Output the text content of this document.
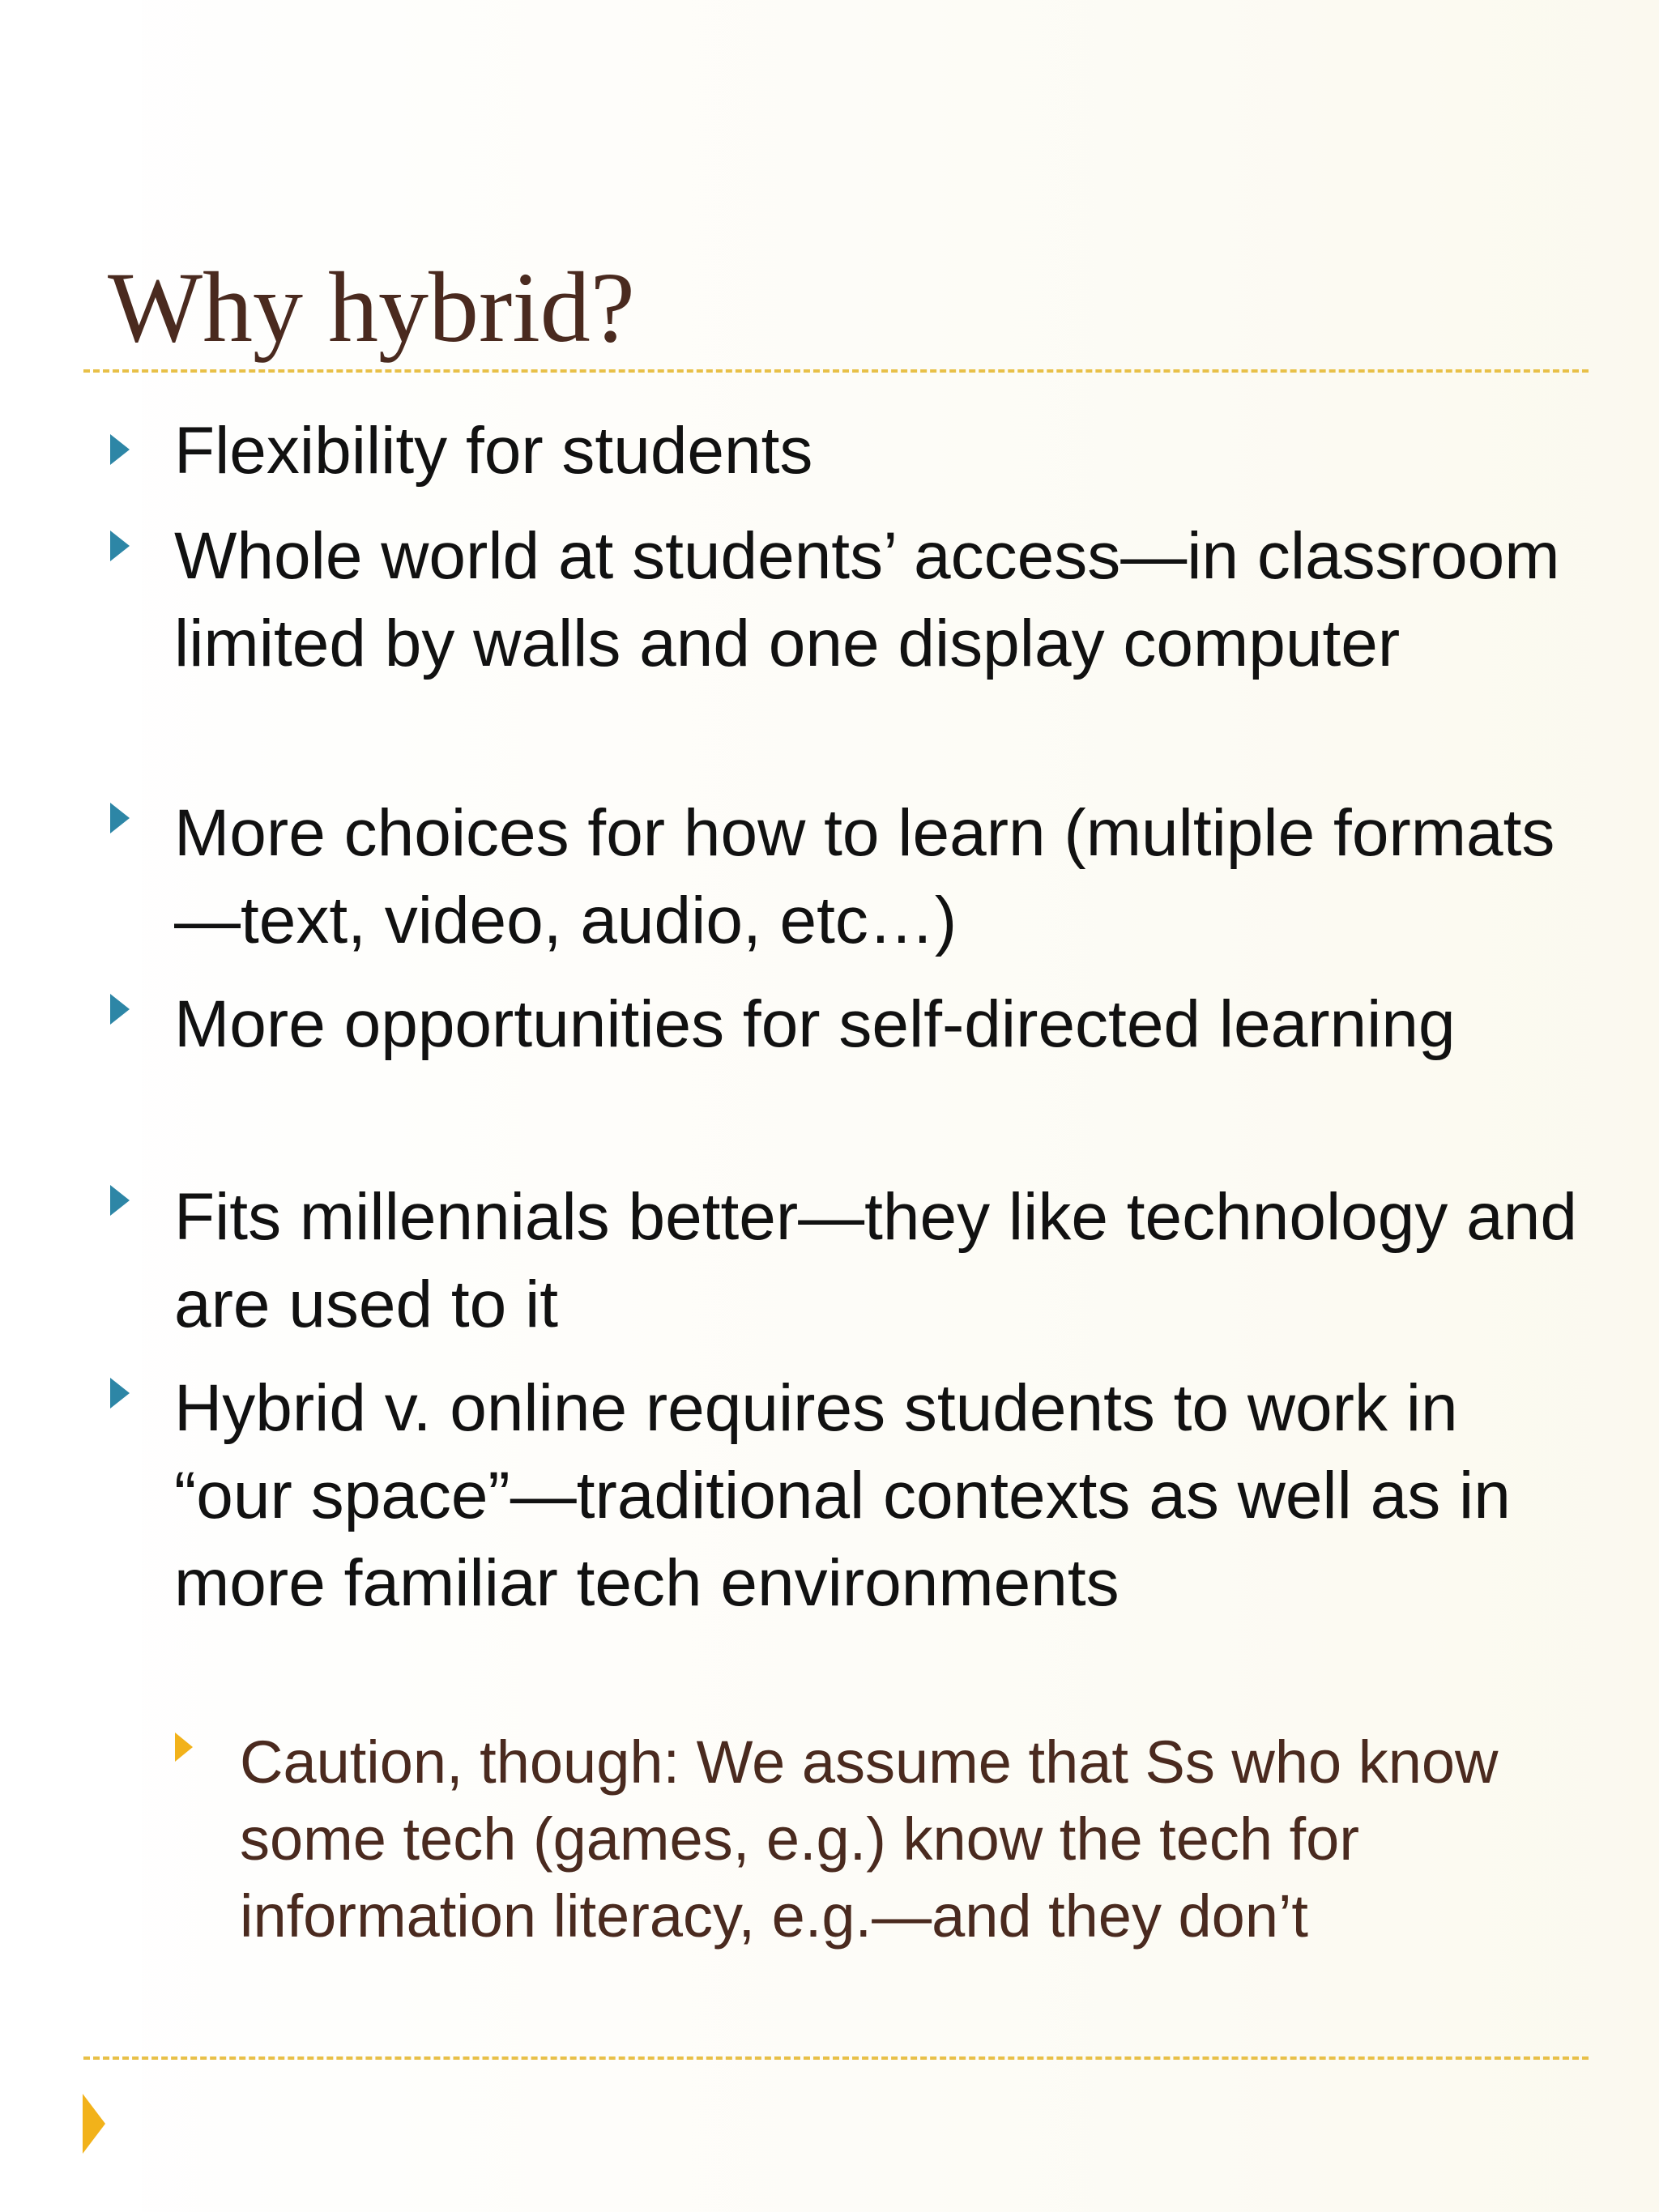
Why hybrid?
Flexibility for students
Whole world at students’ access—in classroom limited by walls and one display computer
More choices for how to learn (multiple formats—text, video, audio, etc…)
More opportunities for self-directed learning
Fits millennials better—they like technology and are used to it
Hybrid v. online requires students to work in “our space”—traditional contexts as well as in more familiar tech environments
Caution, though: We assume that Ss who know some tech (games, e.g.) know the tech for information literacy, e.g.—and they don’t
